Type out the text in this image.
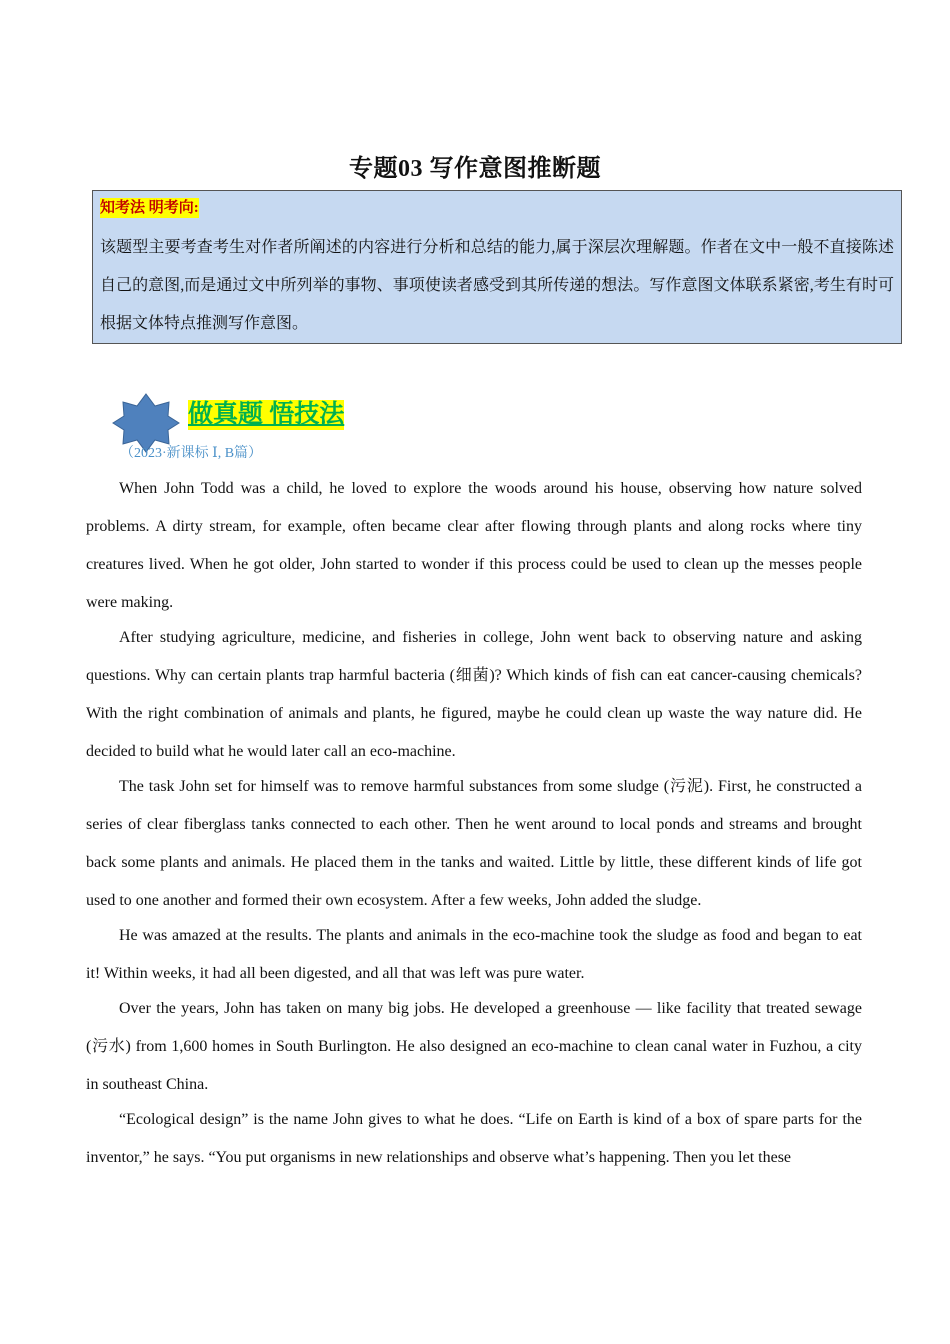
专题03 写作意图推断题
知考法 明考向:
该题型主要考查考生对作者所阐述的内容进行分析和总结的能力,属于深层次理解题。作者在文中一般不直接陈述自己的意图,而是通过文中所列举的事物、事项使读者感受到其所传递的想法。写作意图文体联系紧密,考生有时可根据文体特点推测写作意图。
做真题 悟技法
（2023·新课标 Ⅰ, B篇）

When John Todd was a child, he loved to explore the woods around his house, observing how nature solved problems. A dirty stream, for example, often became clear after flowing through plants and along rocks where tiny creatures lived. When he got older, John started to wonder if this process could be used to clean up the messes people were making.

After studying agriculture, medicine, and fisheries in college, John went back to observing nature and asking questions. Why can certain plants trap harmful bacteria (细菌)? Which kinds of fish can eat cancer-causing chemicals? With the right combination of animals and plants, he figured, maybe he could clean up waste the way nature did. He decided to build what he would later call an eco-machine.

The task John set for himself was to remove harmful substances from some sludge (污泥). First, he constructed a series of clear fiberglass tanks connected to each other. Then he went around to local ponds and streams and brought back some plants and animals. He placed them in the tanks and waited. Little by little, these different kinds of life got used to one another and formed their own ecosystem. After a few weeks, John added the sludge.

He was amazed at the results. The plants and animals in the eco-machine took the sludge as food and began to eat it! Within weeks, it had all been digested, and all that was left was pure water.

Over the years, John has taken on many big jobs. He developed a greenhouse — like facility that treated sewage (污水) from 1,600 homes in South Burlington. He also designed an eco-machine to clean canal water in Fuzhou, a city in southeast China.

“Ecological design” is the name John gives to what he does. “Life on Earth is kind of a box of spare parts for the inventor,” he says. “You put organisms in new relationships and observe what’s happening. Then you let these
